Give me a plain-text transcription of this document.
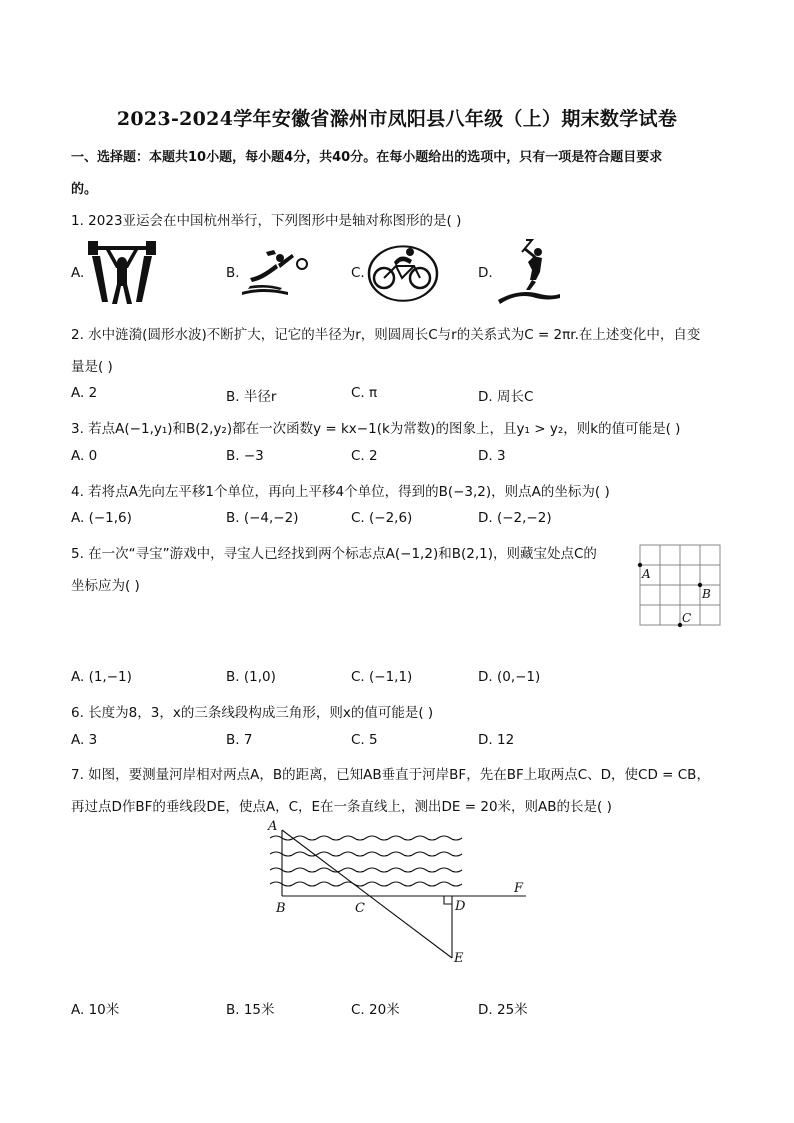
2023-2024学年安徽省滁州市凤阳县八年级（上）期末数学试卷
一、选择题：本题共10小题，每小题4分，共40分。在每小题给出的选项中，只有一项是符合题目要求
的。
1. 2023亚运会在中国杭州举行，下列图形中是轴对称图形的是( )
A.	B.	C.	D.
2. 水中涟漪(圆形水波)不断扩大，记它的半径为r，则圆周长C与r的关系式为C = 2πr.在上述变化中，自变
量是( )
A. 2	B. 半径r	C. π	D. 周长C
3. 若点A(−1,y₁)和B(2,y₂)都在一次函数y = kx−1(k为常数)的图象上，且y₁ > y₂，则k的值可能是( )
A. 0	B. −3	C. 2	D. 3
4. 若将点A先向左平移1个单位，再向上平移4个单位，得到的B(−3,2)，则点A的坐标为( )
A. (−1,6)	B. (−4,−2)	C. (−2,6)	D. (−2,−2)
5. 在一次“寻宝”游戏中，寻宝人已经找到两个标志点A(−1,2)和B(2,1)，则藏宝处点C的
坐标应为( )
A
B
C
A. (1,−1)	B. (1,0)	C. (−1,1)	D. (0,−1)
6. 长度为8，3，x的三条线段构成三角形，则x的值可能是( )
A. 3	B. 7	C. 5	D. 12
7. 如图，要测量河岸相对两点A，B的距离，已知AB垂直于河岸BF，先在BF上取两点C、D，使CD = CB，
再过点D作BF的垂线段DE，使点A，C，E在一条直线上，测出DE = 20米，则AB的长是( )
A
B	C	D
E
F
A. 10米	B. 15米	C. 20米	D. 25米
